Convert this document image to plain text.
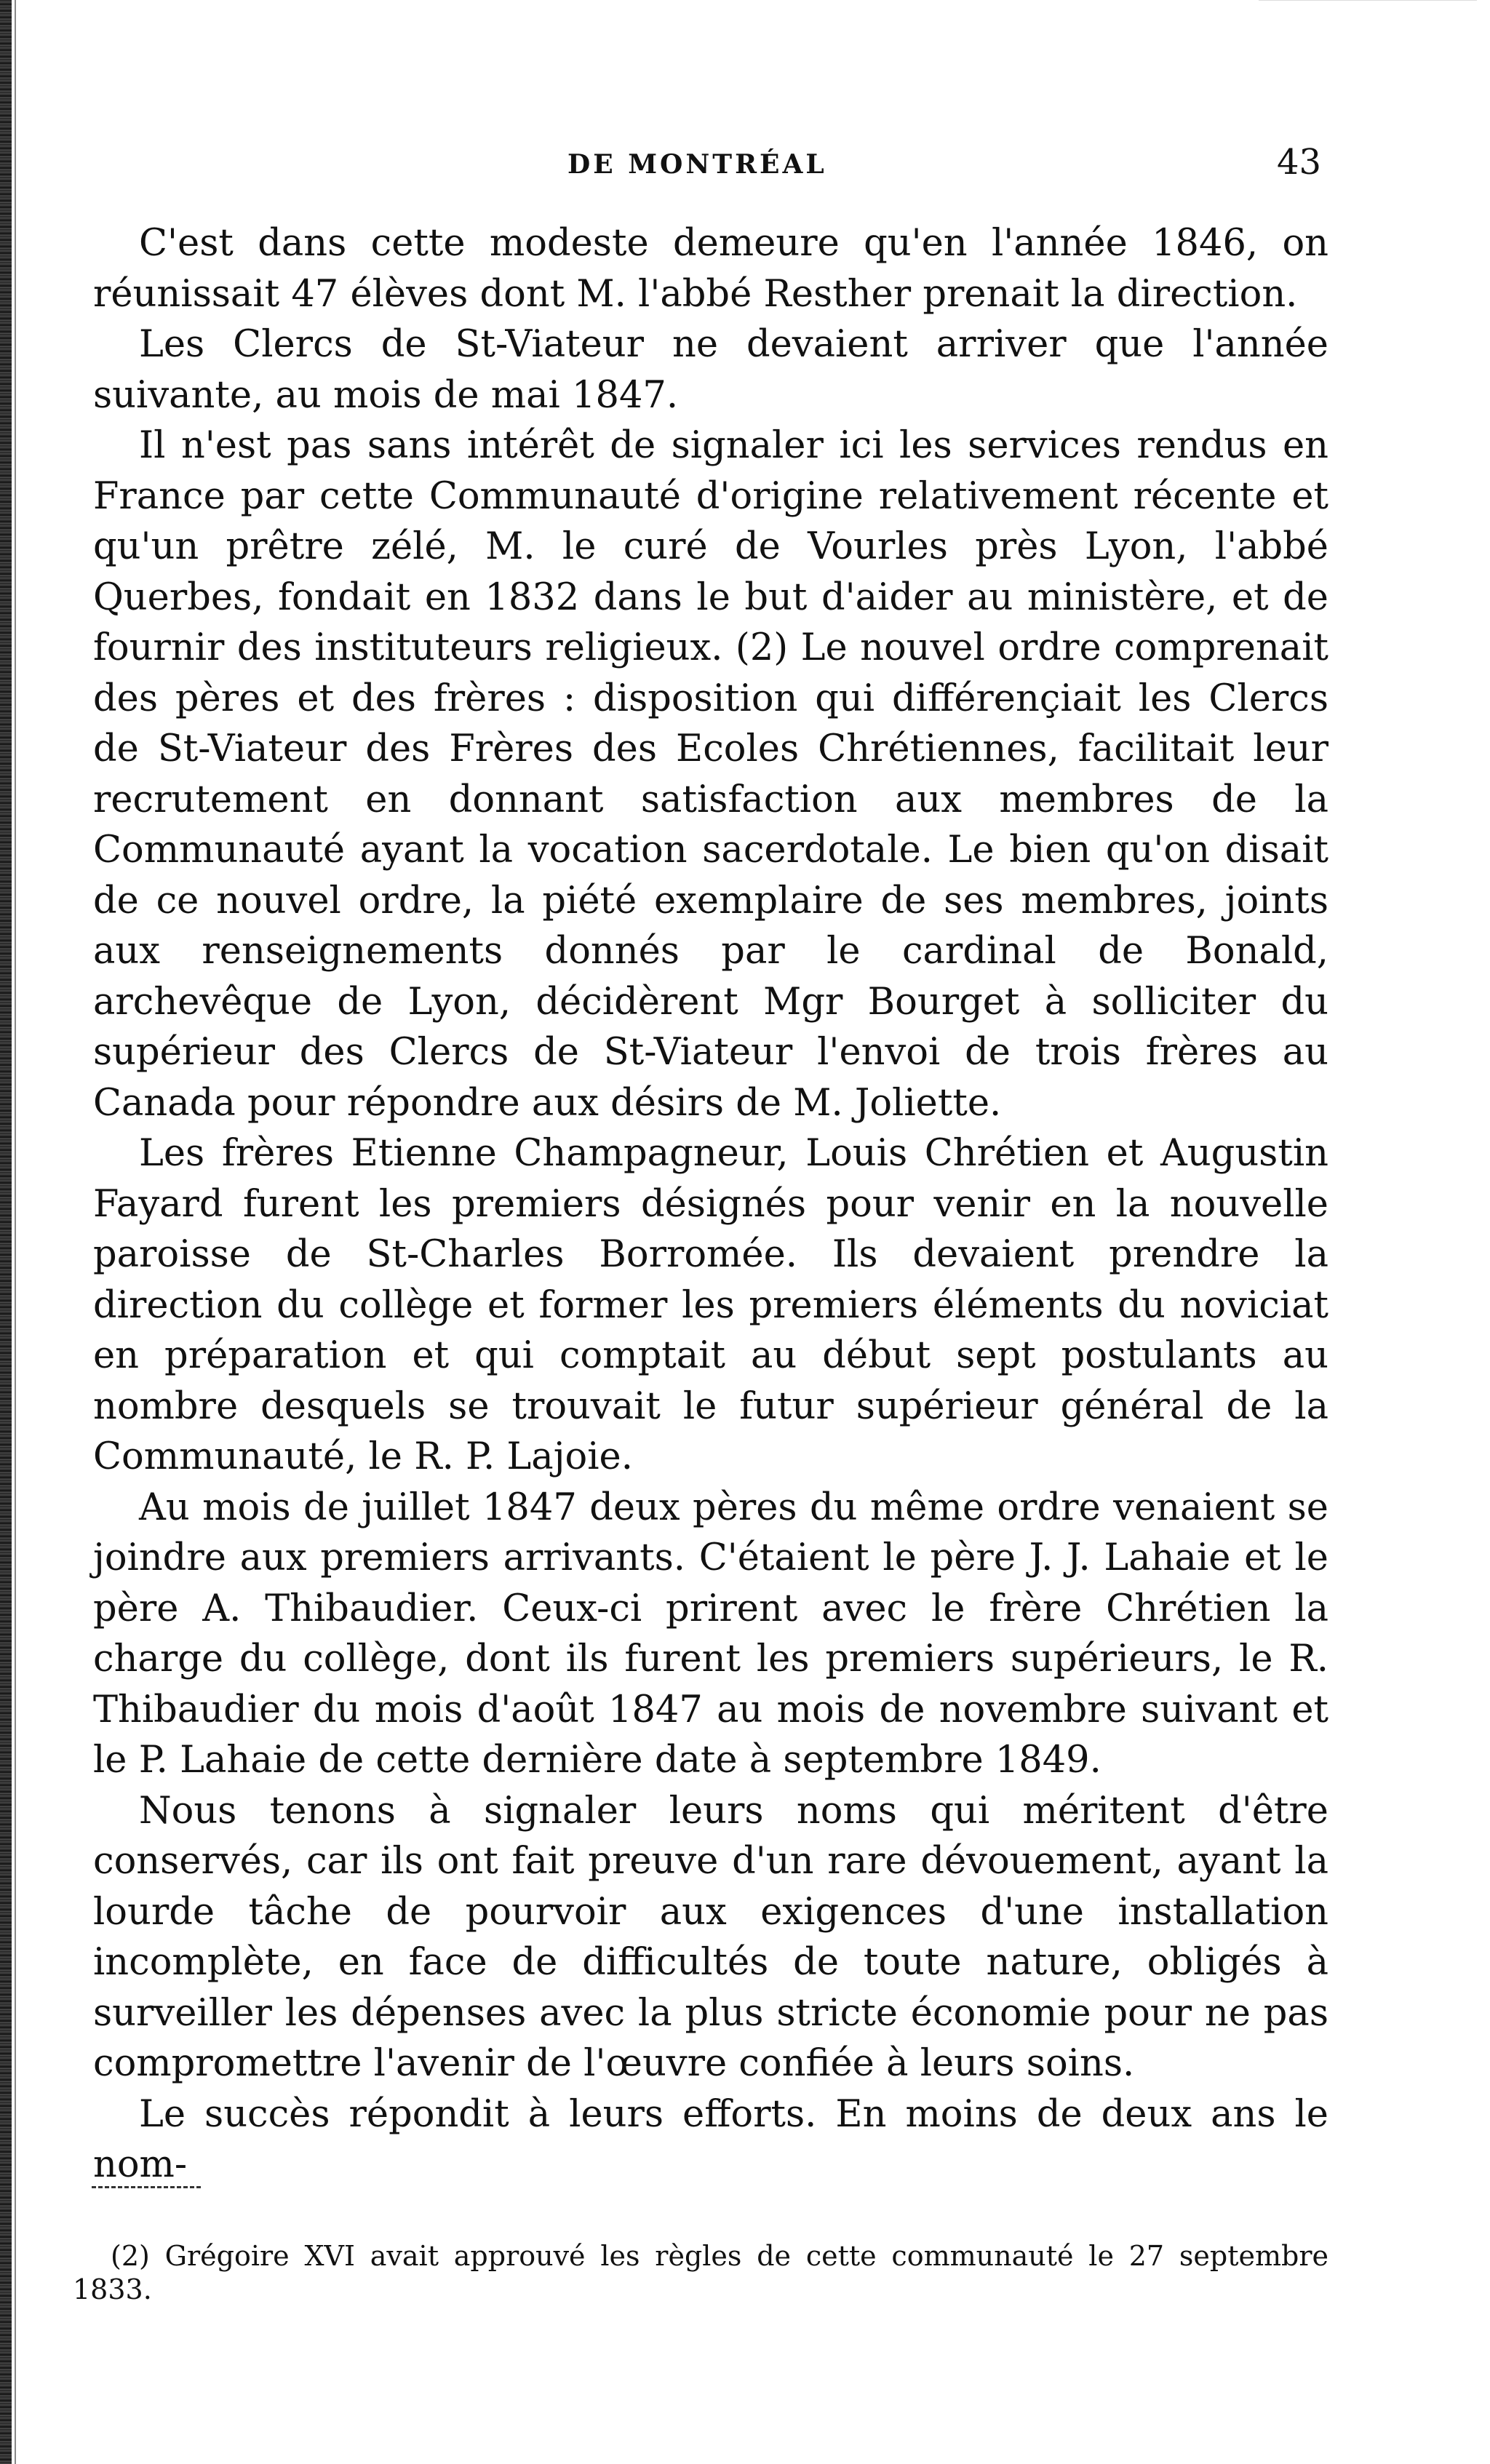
DE MONTRÉAL	43

C'est dans cette modeste demeure qu'en l'année 1846, on réunissait 47 élèves dont M. l'abbé Resther prenait la direction.

Les Clercs de St-Viateur ne devaient arriver que l'année suivante, au mois de mai 1847.

Il n'est pas sans intérêt de signaler ici les services rendus en France par cette Communauté d'origine relativement récente et qu'un prêtre zélé, M. le curé de Vourles près Lyon, l'abbé Querbes, fondait en 1832 dans le but d'aider au ministère, et de fournir des instituteurs religieux. (2) Le nouvel ordre comprenait des pères et des frères : disposition qui différençiait les Clercs de St-Viateur des Frères des Ecoles Chrétiennes, facilitait leur recrutement en donnant satisfaction aux membres de la Communauté ayant la vocation sacerdotale. Le bien qu'on disait de ce nouvel ordre, la piété exemplaire de ses membres, joints aux renseignements donnés par le cardinal de Bonald, archevêque de Lyon, décidèrent Mgr Bourget à solliciter du supérieur des Clercs de St-Viateur l'envoi de trois frères au Canada pour répondre aux désirs de M. Joliette.

Les frères Etienne Champagneur, Louis Chrétien et Augustin Fayard furent les premiers désignés pour venir en la nouvelle paroisse de St-Charles Borromée. Ils devaient prendre la direction du collège et former les premiers éléments du noviciat en préparation et qui comptait au début sept postulants au nombre desquels se trouvait le futur supérieur général de la Communauté, le R. P. Lajoie.

Au mois de juillet 1847 deux pères du même ordre venaient se joindre aux premiers arrivants. C'étaient le père J. J. Lahaie et le père A. Thibaudier. Ceux-ci prirent avec le frère Chrétien la charge du collège, dont ils furent les premiers supérieurs, le R. Thibaudier du mois d'août 1847 au mois de novembre suivant et le P. Lahaie de cette dernière date à septembre 1849.

Nous tenons à signaler leurs noms qui méritent d'être conservés, car ils ont fait preuve d'un rare dévouement, ayant la lourde tâche de pourvoir aux exigences d'une installation incomplète, en face de difficultés de toute nature, obligés à surveiller les dépenses avec la plus stricte économie pour ne pas compromettre l'avenir de l'œuvre confiée à leurs soins.

Le succès répondit à leurs efforts. En moins de deux ans le nom-

(2) Grégoire XVI avait approuvé les règles de cette communauté le 27 septembre 1833.
